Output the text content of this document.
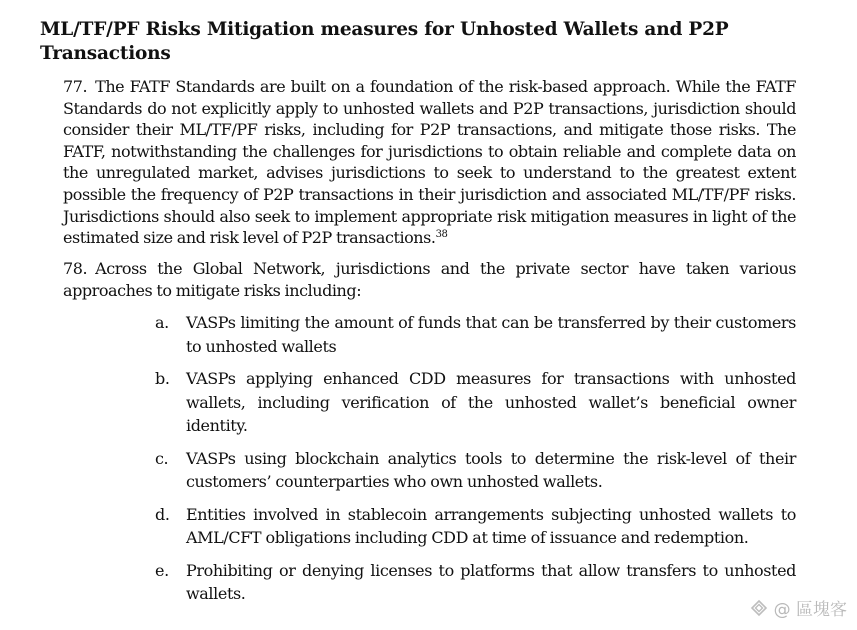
ML/TF/PF Risks Mitigation measures for Unhosted Wallets and P2P Transactions
77. The FATF Standards are built on a foundation of the risk-based approach. While the FATF Standards do not explicitly apply to unhosted wallets and P2P transactions, jurisdiction should consider their ML/TF/PF risks, including for P2P transactions, and mitigate those risks. The FATF, notwithstanding the challenges for jurisdictions to obtain reliable and complete data on the unregulated market, advises jurisdictions to seek to understand to the greatest extent possible the frequency of P2P transactions in their jurisdiction and associated ML/TF/PF risks. Jurisdictions should also seek to implement appropriate risk mitigation measures in light of the estimated size and risk level of P2P transactions.$^{38}$
78. Across the Global Network, jurisdictions and the private sector have taken various approaches to mitigate risks including:
a. VASPs limiting the amount of funds that can be transferred by their customers to unhosted wallets
b. VASPs applying enhanced CDD measures for transactions with unhosted wallets, including verification of the unhosted wallet’s beneficial owner identity.
c. VASPs using blockchain analytics tools to determine the risk-level of their customers’ counterparties who own unhosted wallets.
d. Entities involved in stablecoin arrangements subjecting unhosted wallets to AML/CFT obligations including CDD at time of issuance and redemption.
e. Prohibiting or denying licenses to platforms that allow transfers to unhosted wallets.
@ 區塊客
